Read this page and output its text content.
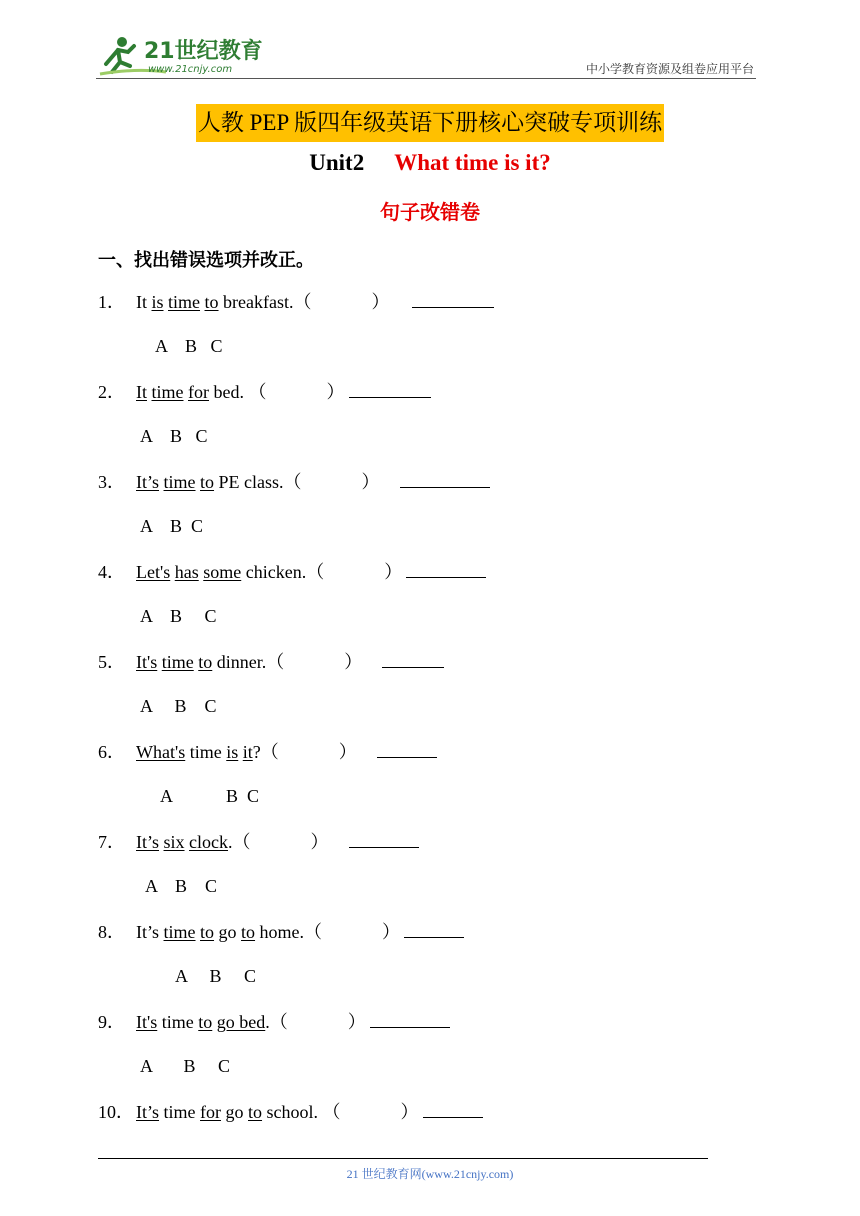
21世纪教育
www.21cnjy.com	中小学教育资源及组卷应用平台
人教 PEP 版四年级英语下册核心突破专项训练
Unit2 What time is it?
句子改错卷
一、找出错误选项并改正。
1． It is time to breakfast.（	）
A    B   C
2． It time for bed. （	）
A    B   C
3． It’s time to PE class.（	）
A    B  C
4． Let's has some chicken.（	）
A    B     C
5． It's time to dinner.（	）
A     B    C
6． What's time is it?（	）
A            B  C
7． It’s six clock.（	）
A    B    C
8． It’s time to go to home.（	）
A     B     C
9． It's time to go bed.（	）
A       B     C
10． It’s time for go to school. （	）
21 世纪教育网(www.21cnjy.com)
